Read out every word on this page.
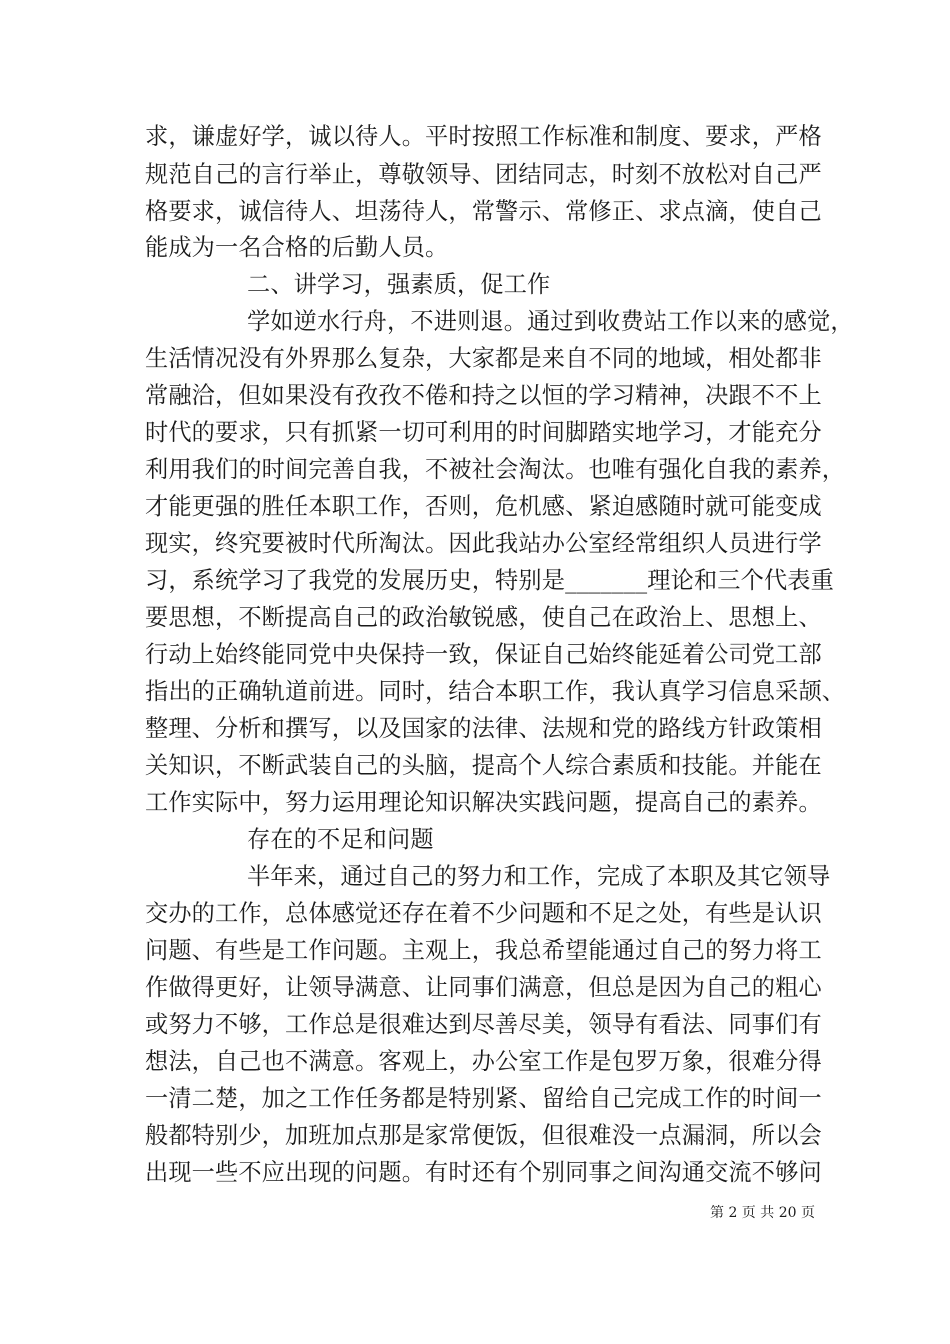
求，谦虚好学，诚以待人。平时按照工作标准和制度、要求，严格
规范自己的言行举止，尊敬领导、团结同志，时刻不放松对自己严
格要求，诚信待人、坦荡待人，常警示、常修正、求点滴，使自己
能成为一名合格的后勤人员。
二、讲学习，强素质，促工作
学如逆水行舟，不进则退。通过到收费站工作以来的感觉，
生活情况没有外界那么复杂，大家都是来自不同的地域，相处都非
常融洽，但如果没有孜孜不倦和持之以恒的学习精神，决跟不不上
时代的要求，只有抓紧一切可利用的时间脚踏实地学习，才能充分
利用我们的时间完善自我，不被社会淘汰。也唯有强化自我的素养，
才能更强的胜任本职工作，否则，危机感、紧迫感随时就可能变成
现实，终究要被时代所淘汰。因此我站办公室经常组织人员进行学
习，系统学习了我党的发展历史，特别是_______理论和三个代表重
要思想，不断提高自己的政治敏锐感，使自己在政治上、思想上、
行动上始终能同党中央保持一致，保证自己始终能延着公司党工部
指出的正确轨道前进。同时，结合本职工作，我认真学习信息采颉、
整理、分析和撰写，以及国家的法律、法规和党的路线方针政策相
关知识，不断武装自己的头脑，提高个人综合素质和技能。并能在
工作实际中，努力运用理论知识解决实践问题，提高自己的素养。
存在的不足和问题
半年来，通过自己的努力和工作，完成了本职及其它领导
交办的工作，总体感觉还存在着不少问题和不足之处，有些是认识
问题、有些是工作问题。主观上，我总希望能通过自己的努力将工
作做得更好，让领导满意、让同事们满意，但总是因为自己的粗心
或努力不够，工作总是很难达到尽善尽美，领导有看法、同事们有
想法，自己也不满意。客观上，办公室工作是包罗万象，很难分得
一清二楚，加之工作任务都是特别紧、留给自己完成工作的时间一
般都特别少，加班加点那是家常便饭，但很难没一点漏洞，所以会
出现一些不应出现的问题。有时还有个别同事之间沟通交流不够问
第 2 页 共 20 页
